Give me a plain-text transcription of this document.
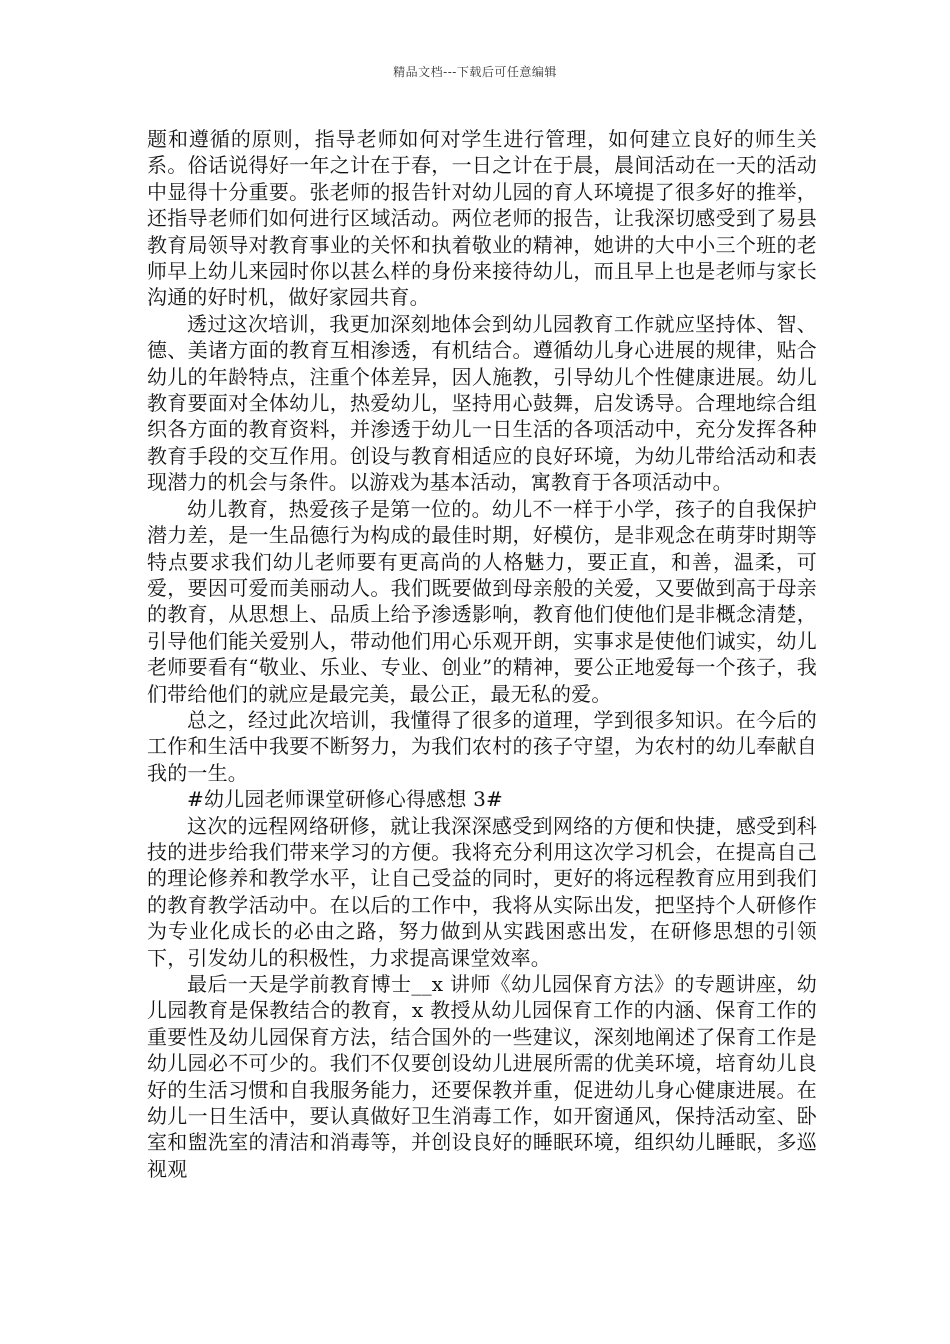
精品文档---下载后可任意编辑

题和遵循的原则，指导老师如何对学生进行管理，如何建立良好的师生关系。俗话说得好一年之计在于春，一日之计在于晨，晨间活动在一天的活动中显得十分重要。张老师的报告针对幼儿园的育人环境提了很多好的推举，还指导老师们如何进行区域活动。两位老师的报告，让我深切感受到了易县教育局领导对教育事业的关怀和执着敬业的精神，她讲的大中小三个班的老师早上幼儿来园时你以甚么样的身份来接待幼儿，而且早上也是老师与家长沟通的好时机，做好家园共育。

透过这次培训，我更加深刻地体会到幼儿园教育工作就应坚持体、智、德、美诸方面的教育互相渗透，有机结合。遵循幼儿身心进展的规律，贴合幼儿的年龄特点，注重个体差异，因人施教，引导幼儿个性健康进展。幼儿教育要面对全体幼儿，热爱幼儿，坚持用心鼓舞，启发诱导。合理地综合组织各方面的教育资料，并渗透于幼儿一日生活的各项活动中，充分发挥各种教育手段的交互作用。创设与教育相适应的良好环境，为幼儿带给活动和表现潜力的机会与条件。以游戏为基本活动，寓教育于各项活动中。

幼儿教育，热爱孩子是第一位的。幼儿不一样于小学，孩子的自我保护潜力差，是一生品德行为构成的最佳时期，好模仿，是非观念在萌芽时期等特点要求我们幼儿老师要有更高尚的人格魅力，要正直，和善，温柔，可爱，要因可爱而美丽动人。我们既要做到母亲般的关爱，又要做到高于母亲的教育，从思想上、品质上给予渗透影响，教育他们使他们是非概念清楚，引导他们能关爱别人，带动他们用心乐观开朗，实事求是使他们诚实，幼儿老师要看有“敬业、乐业、专业、创业”的精神，要公正地爱每一个孩子，我们带给他们的就应是最完美，最公正，最无私的爱。

总之，经过此次培训，我懂得了很多的道理，学到很多知识。在今后的工作和生活中我要不断努力，为我们农村的孩子守望，为农村的幼儿奉献自我的一生。

#幼儿园老师课堂研修心得感想 3#

这次的远程网络研修，就让我深深感受到网络的方便和快捷，感受到科技的进步给我们带来学习的方便。我将充分利用这次学习机会，在提高自己的理论修养和教学水平，让自己受益的同时，更好的将远程教育应用到我们的教育教学活动中。在以后的工作中，我将从实际出发，把坚持个人研修作为专业化成长的必由之路，努力做到从实践困惑出发，在研修思想的引领下，引发幼儿的积极性，力求提高课堂效率。

最后一天是学前教育博士__x 讲师《幼儿园保育方法》的专题讲座，幼儿园教育是保教结合的教育，x 教授从幼儿园保育工作的内涵、保育工作的重要性及幼儿园保育方法，结合国外的一些建议，深刻地阐述了保育工作是幼儿园必不可少的。我们不仅要创设幼儿进展所需的优美环境，培育幼儿良好的生活习惯和自我服务能力，还要保教并重，促进幼儿身心健康进展。在幼儿一日生活中，要认真做好卫生消毒工作，如开窗通风，保持活动室、卧室和盥洗室的清洁和消毒等，并创设良好的睡眠环境，组织幼儿睡眠，多巡视观
